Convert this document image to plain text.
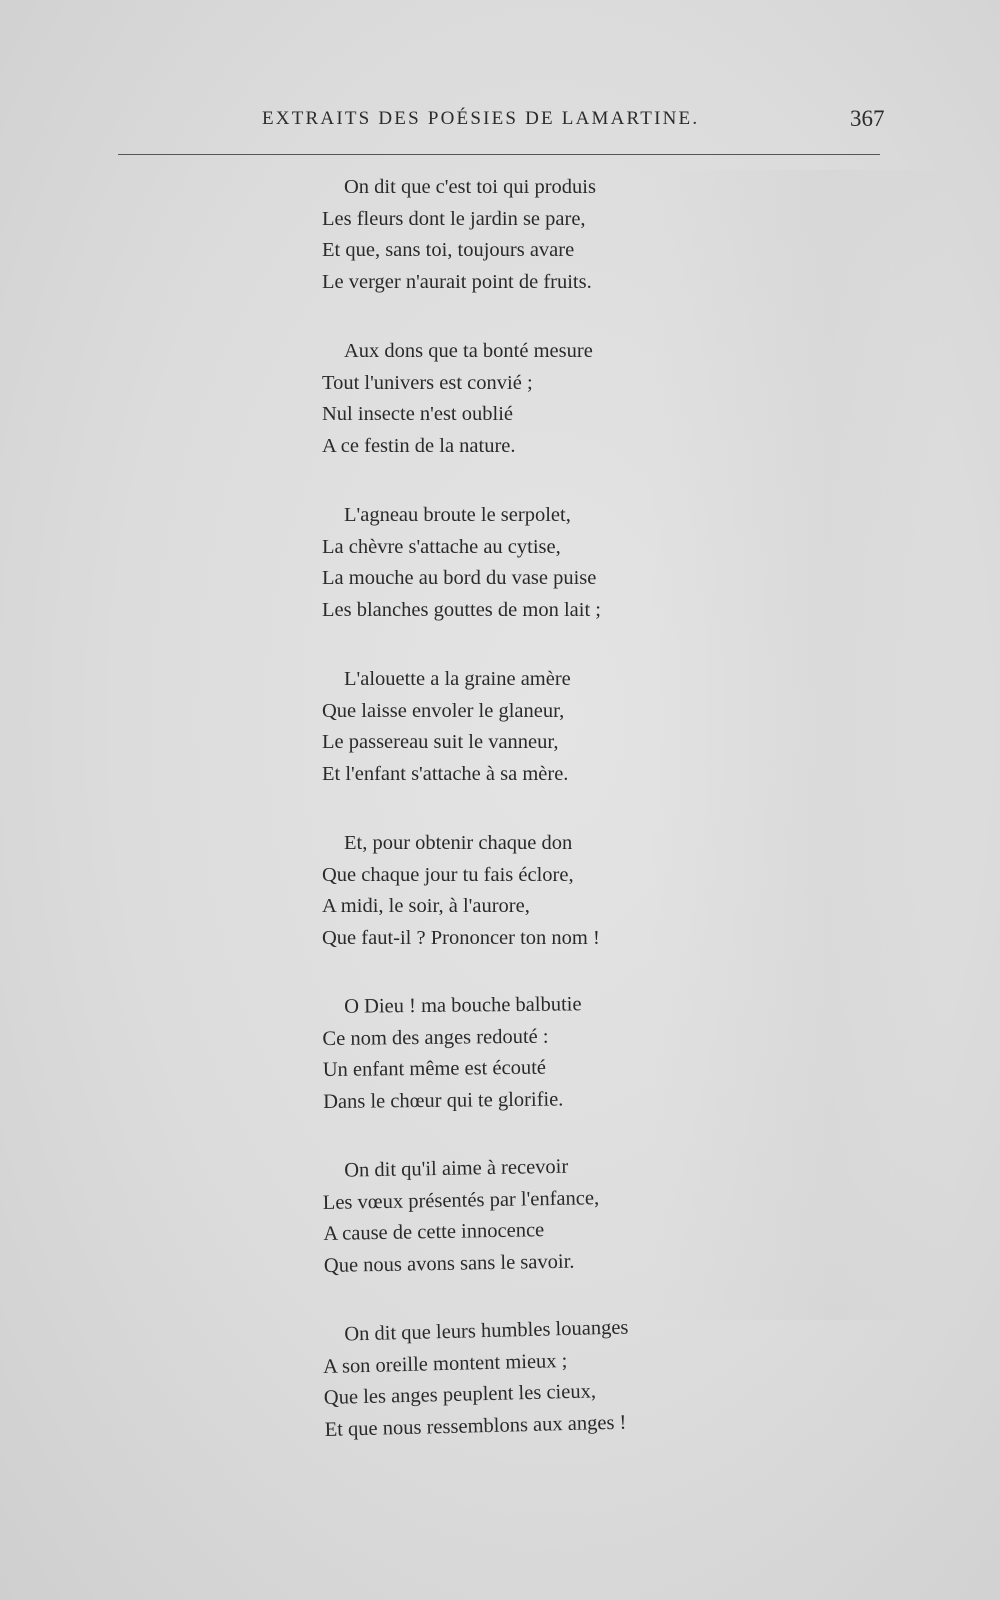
EXTRAITS DES POÉSIES DE LAMARTINE.	367
On dit que c'est toi qui produis
Les fleurs dont le jardin se pare,
Et que, sans toi, toujours avare
Le verger n'aurait point de fruits.
Aux dons que ta bonté mesure
Tout l'univers est convié ;
Nul insecte n'est oublié
A ce festin de la nature.
L'agneau broute le serpolet,
La chèvre s'attache au cytise,
La mouche au bord du vase puise
Les blanches gouttes de mon lait ;
L'alouette a la graine amère
Que laisse envoler le glaneur,
Le passereau suit le vanneur,
Et l'enfant s'attache à sa mère.
Et, pour obtenir chaque don
Que chaque jour tu fais éclore,
A midi, le soir, à l'aurore,
Que faut-il ? Prononcer ton nom !
O Dieu ! ma bouche balbutie
Ce nom des anges redouté :
Un enfant même est écouté
Dans le chœur qui te glorifie.
On dit qu'il aime à recevoir
Les vœux présentés par l'enfance,
A cause de cette innocence
Que nous avons sans le savoir.
On dit que leurs humbles louanges
A son oreille montent mieux ;
Que les anges peuplent les cieux,
Et que nous ressemblons aux anges !
